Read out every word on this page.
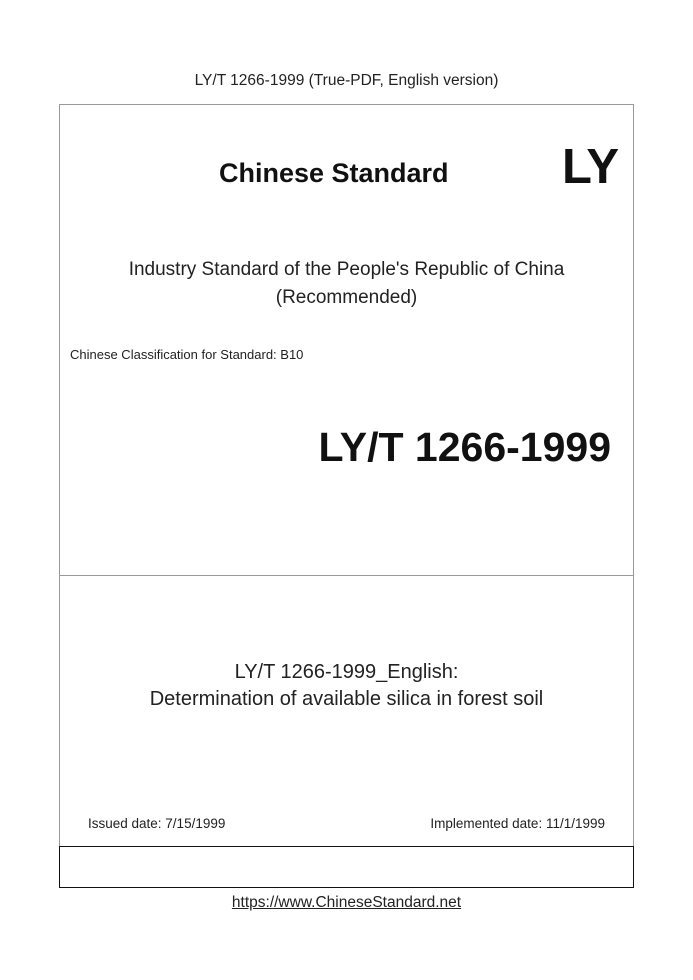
LY/T 1266-1999 (True-PDF, English version)
Chinese Standard LY
Industry Standard of the People's Republic of China
(Recommended)
Chinese Classification for Standard: B10
LY/T 1266-1999
LY/T 1266-1999_English:
Determination of available silica in forest soil
Issued date: 7/15/1999	Implemented date: 11/1/1999
https://www.ChineseStandard.net
